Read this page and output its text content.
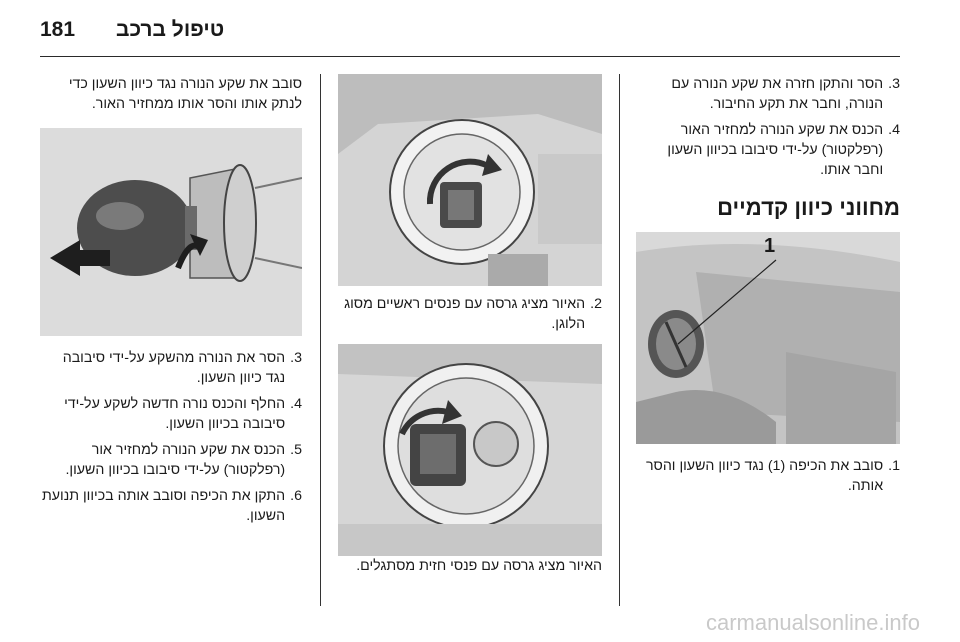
181 טיפול ברכב
3.
הסר והתקן חזרה את שקע הנורה עם הנורה, וחבר את תקע החיבור.
4.
הכנס את שקע הנורה למחזיר האור (רפלקטור) על-ידי סיבובו בכיוון השעון וחבר אותו.
מחווני כיוון קדמיים
1
1.
סובב את הכיפה (1) נגד כיוון השעון והסר אותה.
2.
האיור מציג גרסה עם פנסים ראשיים מסוג הלוגן.

האיור מציג גרסה עם פנסי חזית מסתגלים.

סובב את שקע הנורה נגד כיוון השעון כדי לנתק אותו והסר אותו ממחזיר האור.

3.
הסר את הנורה מהשקע על-ידי סיבובה נגד כיוון השעון.
4.
החלף והכנס נורה חדשה לשקע על-ידי סיבובה בכיוון השעון.
5.
הכנס את שקע הנורה למחזיר אור (רפלקטור) על-ידי סיבובו בכיוון השעון.
6.
התקן את הכיפה וסובב אותה בכיוון תנועת השעון.
carmanualsonline.info
